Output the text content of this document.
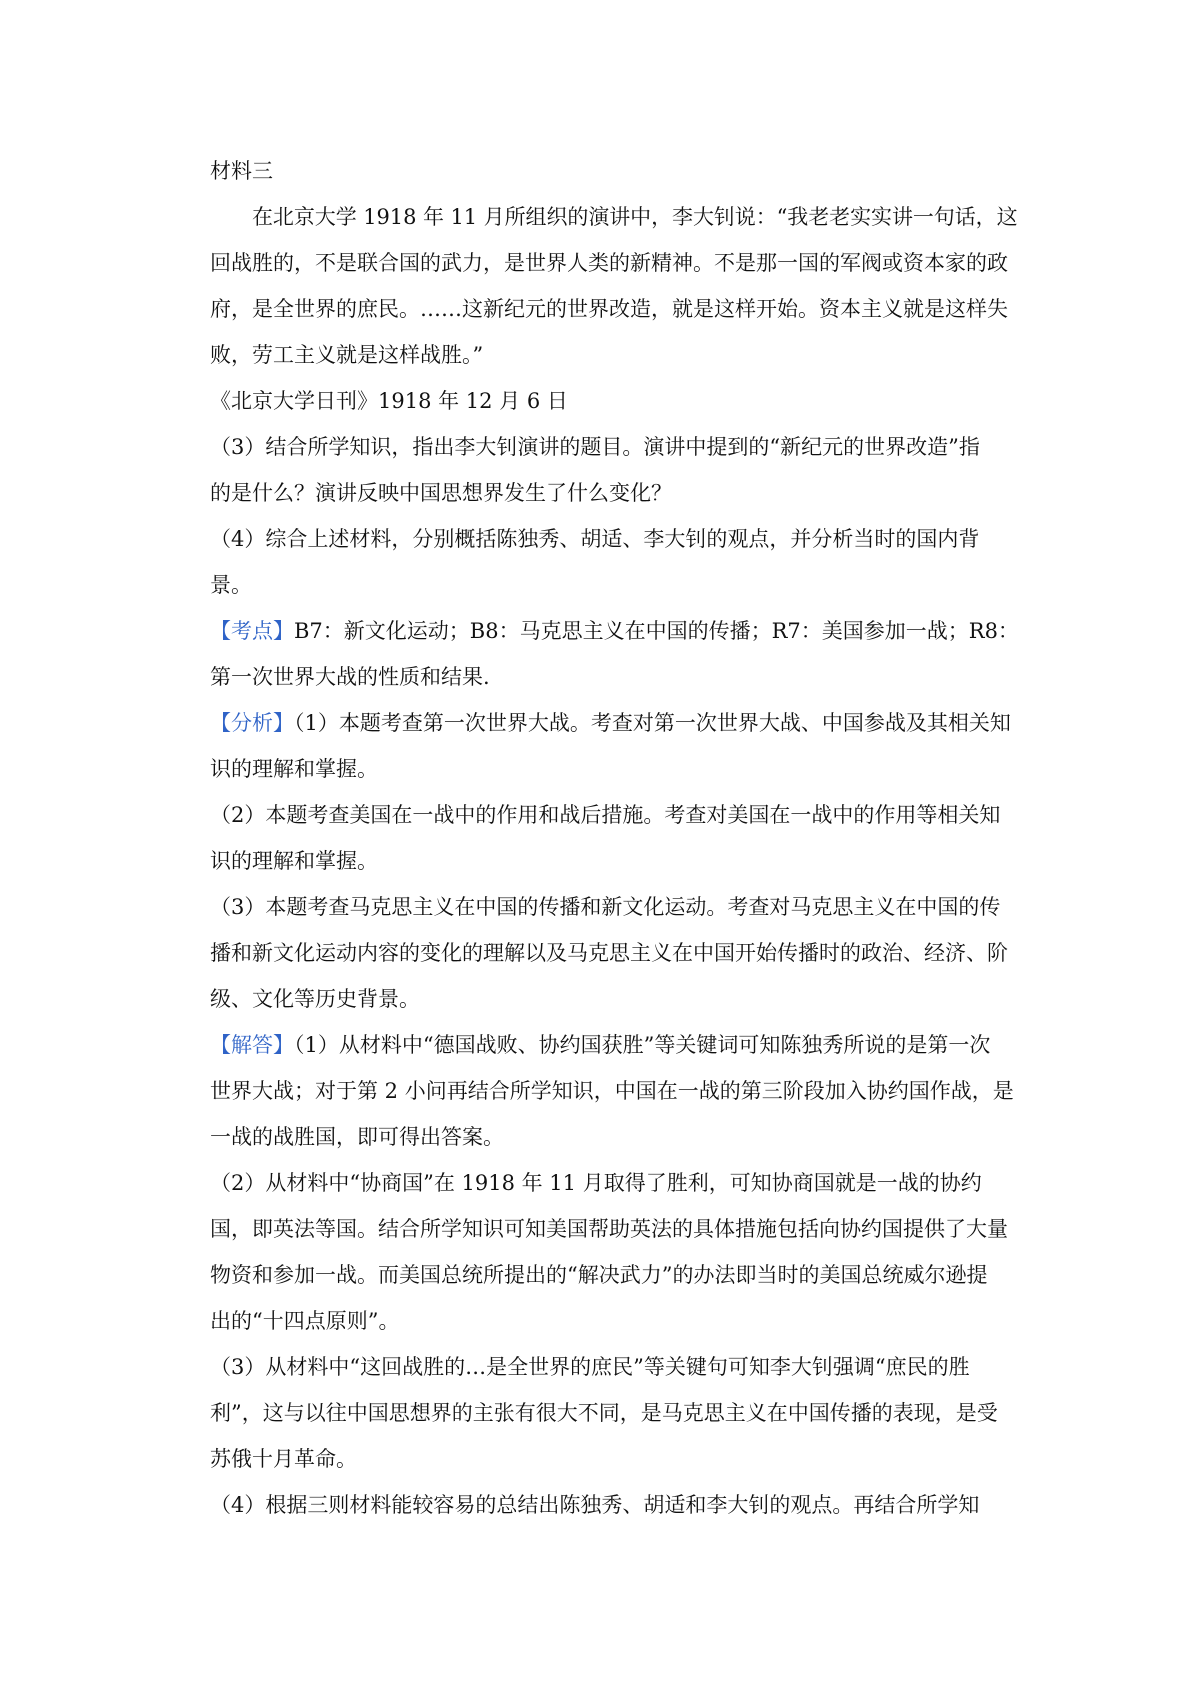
材料三

在北京大学 1918 年 11 月所组织的演讲中，李大钊说：“我老老实实讲一句话，这

回战胜的，不是联合国的武力，是世界人类的新精神。不是那一国的军阀或资本家的政

府，是全世界的庶民。……这新纪元的世界改造，就是这样开始。资本主义就是这样失

败，劳工主义就是这样战胜。”

《北京大学日刊》1918 年 12 月 6 日

（3）结合所学知识，指出李大钊演讲的题目。演讲中提到的“新纪元的世界改造”指

的是什么？演讲反映中国思想界发生了什么变化？

（4）综合上述材料，分别概括陈独秀、胡适、李大钊的观点，并分析当时的国内背

景。

【考点】B7：新文化运动；B8：马克思主义在中国的传播；R7：美国参加一战；R8：

第一次世界大战的性质和结果.

【分析】（1）本题考查第一次世界大战。考查对第一次世界大战、中国参战及其相关知

识的理解和掌握。

（2）本题考查美国在一战中的作用和战后措施。考查对美国在一战中的作用等相关知

识的理解和掌握。

（3）本题考查马克思主义在中国的传播和新文化运动。考查对马克思主义在中国的传

播和新文化运动内容的变化的理解以及马克思主义在中国开始传播时的政治、经济、阶

级、文化等历史背景。

【解答】（1）从材料中“德国战败、协约国获胜”等关键词可知陈独秀所说的是第一次

世界大战；对于第 2 小问再结合所学知识，中国在一战的第三阶段加入协约国作战，是

一战的战胜国，即可得出答案。

（2）从材料中“协商国”在 1918 年 11 月取得了胜利，可知协商国就是一战的协约

国，即英法等国。结合所学知识可知美国帮助英法的具体措施包括向协约国提供了大量

物资和参加一战。而美国总统所提出的“解决武力”的办法即当时的美国总统威尔逊提

出的“十四点原则”。

（3）从材料中“这回战胜的…是全世界的庶民”等关键句可知李大钊强调“庶民的胜

利”，这与以往中国思想界的主张有很大不同，是马克思主义在中国传播的表现，是受

苏俄十月革命。

（4）根据三则材料能较容易的总结出陈独秀、胡适和李大钊的观点。再结合所学知
